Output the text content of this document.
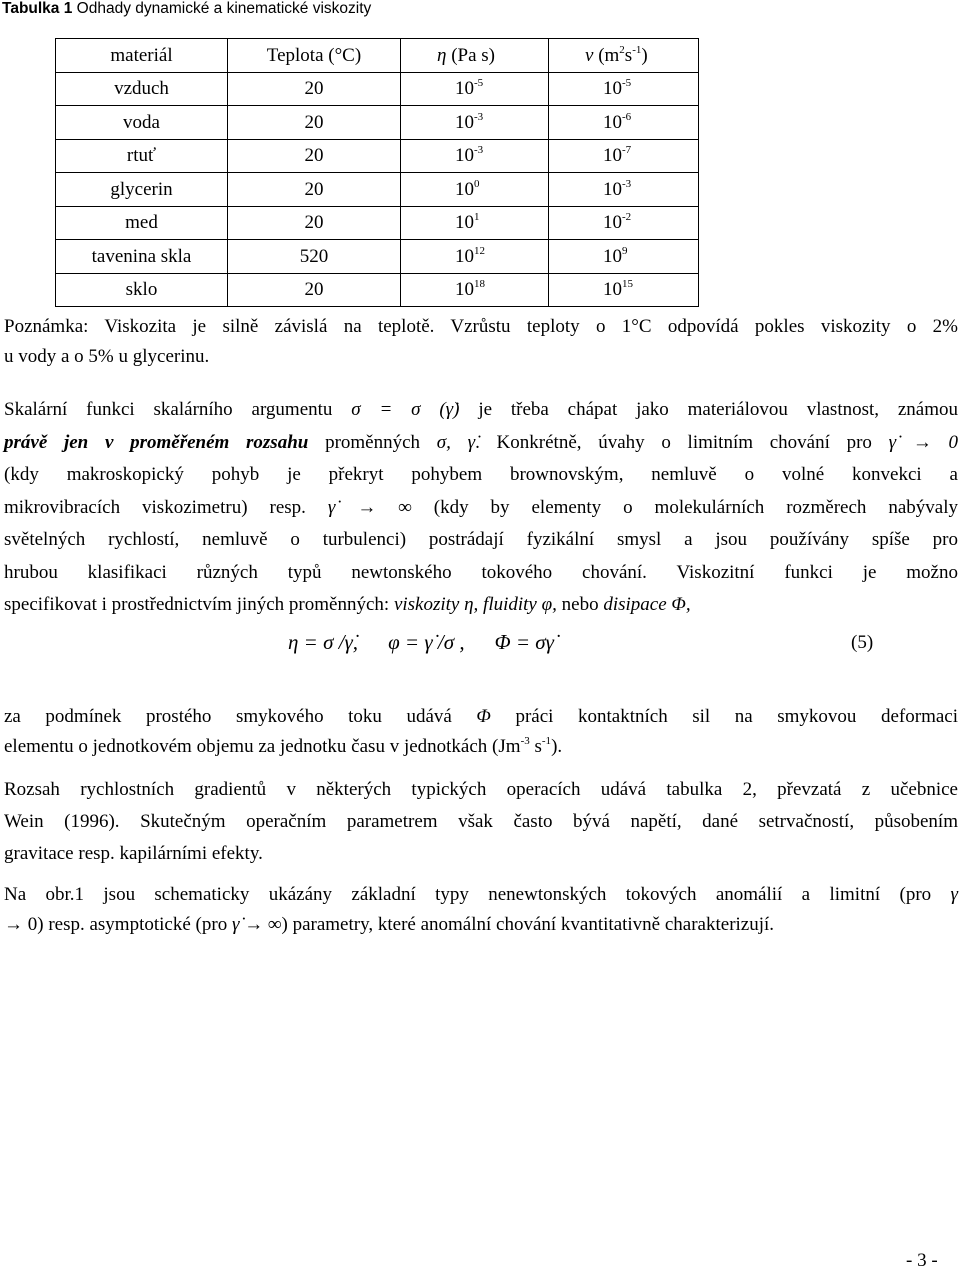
Tabulka 1 Odhady dynamické a kinematické viskozity
materiál	Teplota (°C)	η (Pa s)	ν $(m^2s^{-1})$
vzduch	20	$10^{-5}$	$10^{-5}$
voda	20	$10^{-3}$	$10^{-6}$
rtuť	20	$10^{-3}$	$10^{-7}$
glycerin	20	$10^0$	$10^{-3}$
med	20	$10^1$	$10^{-2}$
tavenina skla	520	$10^{12}$	$10^9$
sklo	20	$10^{18}$	$10^{15}$
Poznámka: Viskozita je silně závislá na teplotě. Vzrůstu teploty o 1°C odpovídá pokles viskozity o 2%
u vody a o 5% u glycerinu.
Skalární funkci skalárního argumentu σ = σ (γ̇) je třeba chápat jako materiálovou vlastnost, známou
právě jen v proměřeném rozsahu proměnných σ, γ̇. Konkrétně, úvahy o limitním chování pro γ̇ → 0
(kdy makroskopický pohyb je překryt pohybem brownovským, nemluvě o volné konvekci a
mikrovibracích viskozimetru) resp. γ̇ → ∞ (kdy by elementy o molekulárních rozměrech nabývaly
světelných rychlostí, nemluvě o turbulenci) postrádají fyzikální smysl a jsou používány spíše pro
hrubou klasifikaci různých typů newtonského tokového chování. Viskozitní funkci je možno
specifikovat i prostřednictvím jiných proměnných: viskozity η, fluidity φ, nebo disipace Φ,
η = σ /γ̇, φ = γ̇ /σ , Φ = σγ̇	(5)
za podmínek prostého smykového toku udává Φ práci kontaktních sil na smykovou deformaci
elementu o jednotkovém objemu za jednotku času v jednotkách ($Jm^{-3}$ $s^{-1}$).
Rozsah rychlostních gradientů v některých typických operacích udává tabulka 2, převzatá z učebnice
Wein (1996). Skutečným operačním parametrem však často bývá napětí, dané setrvačností, působením
gravitace resp. kapilárními efekty.
Na obr.1 jsou schematicky ukázány základní typy nenewtonských tokových anomálií a limitní (pro γ̇
→ 0) resp. asymptotické (pro γ̇ → ∞) parametry, které anomální chování kvantitativně charakterizují.
- 3 -
